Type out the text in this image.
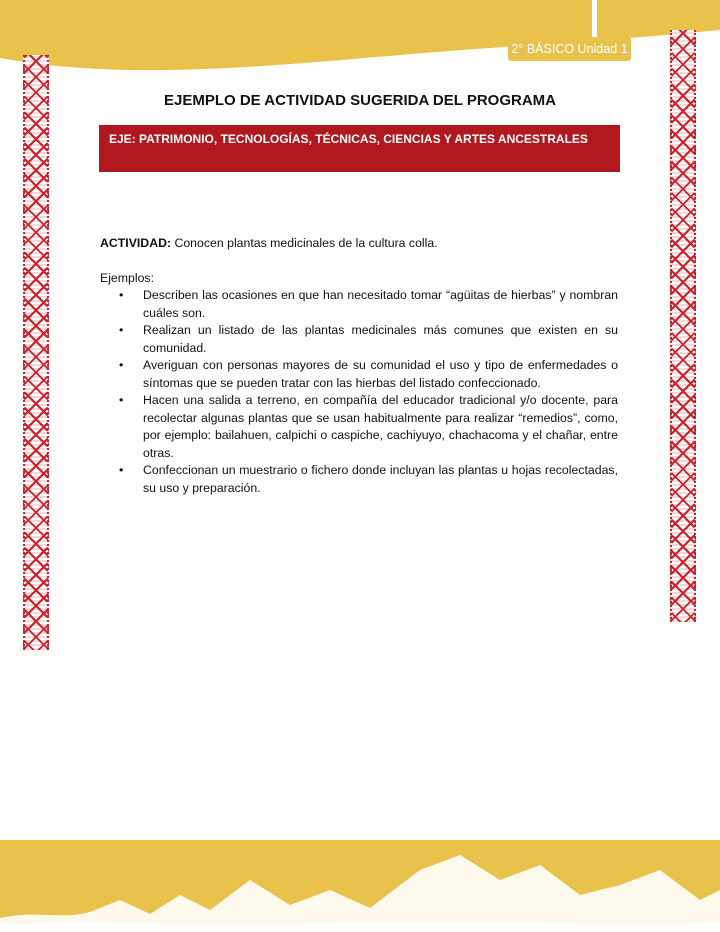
2° BÁSICO Unidad 1
EJEMPLO DE ACTIVIDAD SUGERIDA DEL PROGRAMA
EJE: PATRIMONIO, TECNOLOGÍAS, TÉCNICAS, CIENCIAS Y ARTES ANCESTRALES

ACTIVIDAD: Conocen plantas medicinales de la cultura colla.

Ejemplos:
• Describen las ocasiones en que han necesitado tomar “agüitas de hierbas” y nombran cuáles son.
• Realizan un listado de las plantas medicinales más comunes que existen en su comunidad.
• Averiguan con personas mayores de su comunidad el uso y tipo de enfermedades o síntomas que se pueden tratar con las hierbas del listado confeccionado.
• Hacen una salida a terreno, en compañía del educador tradicional y/o docente, para recolectar algunas plantas que se usan habitualmente para realizar “remedios”, como, por ejemplo: bailahuen, calpichi o caspiche, cachiyuyo, chachacoma y el chañar, entre otras.
• Confeccionan un muestrario o fichero donde incluyan las plantas u hojas recolectadas, su uso y preparación.
